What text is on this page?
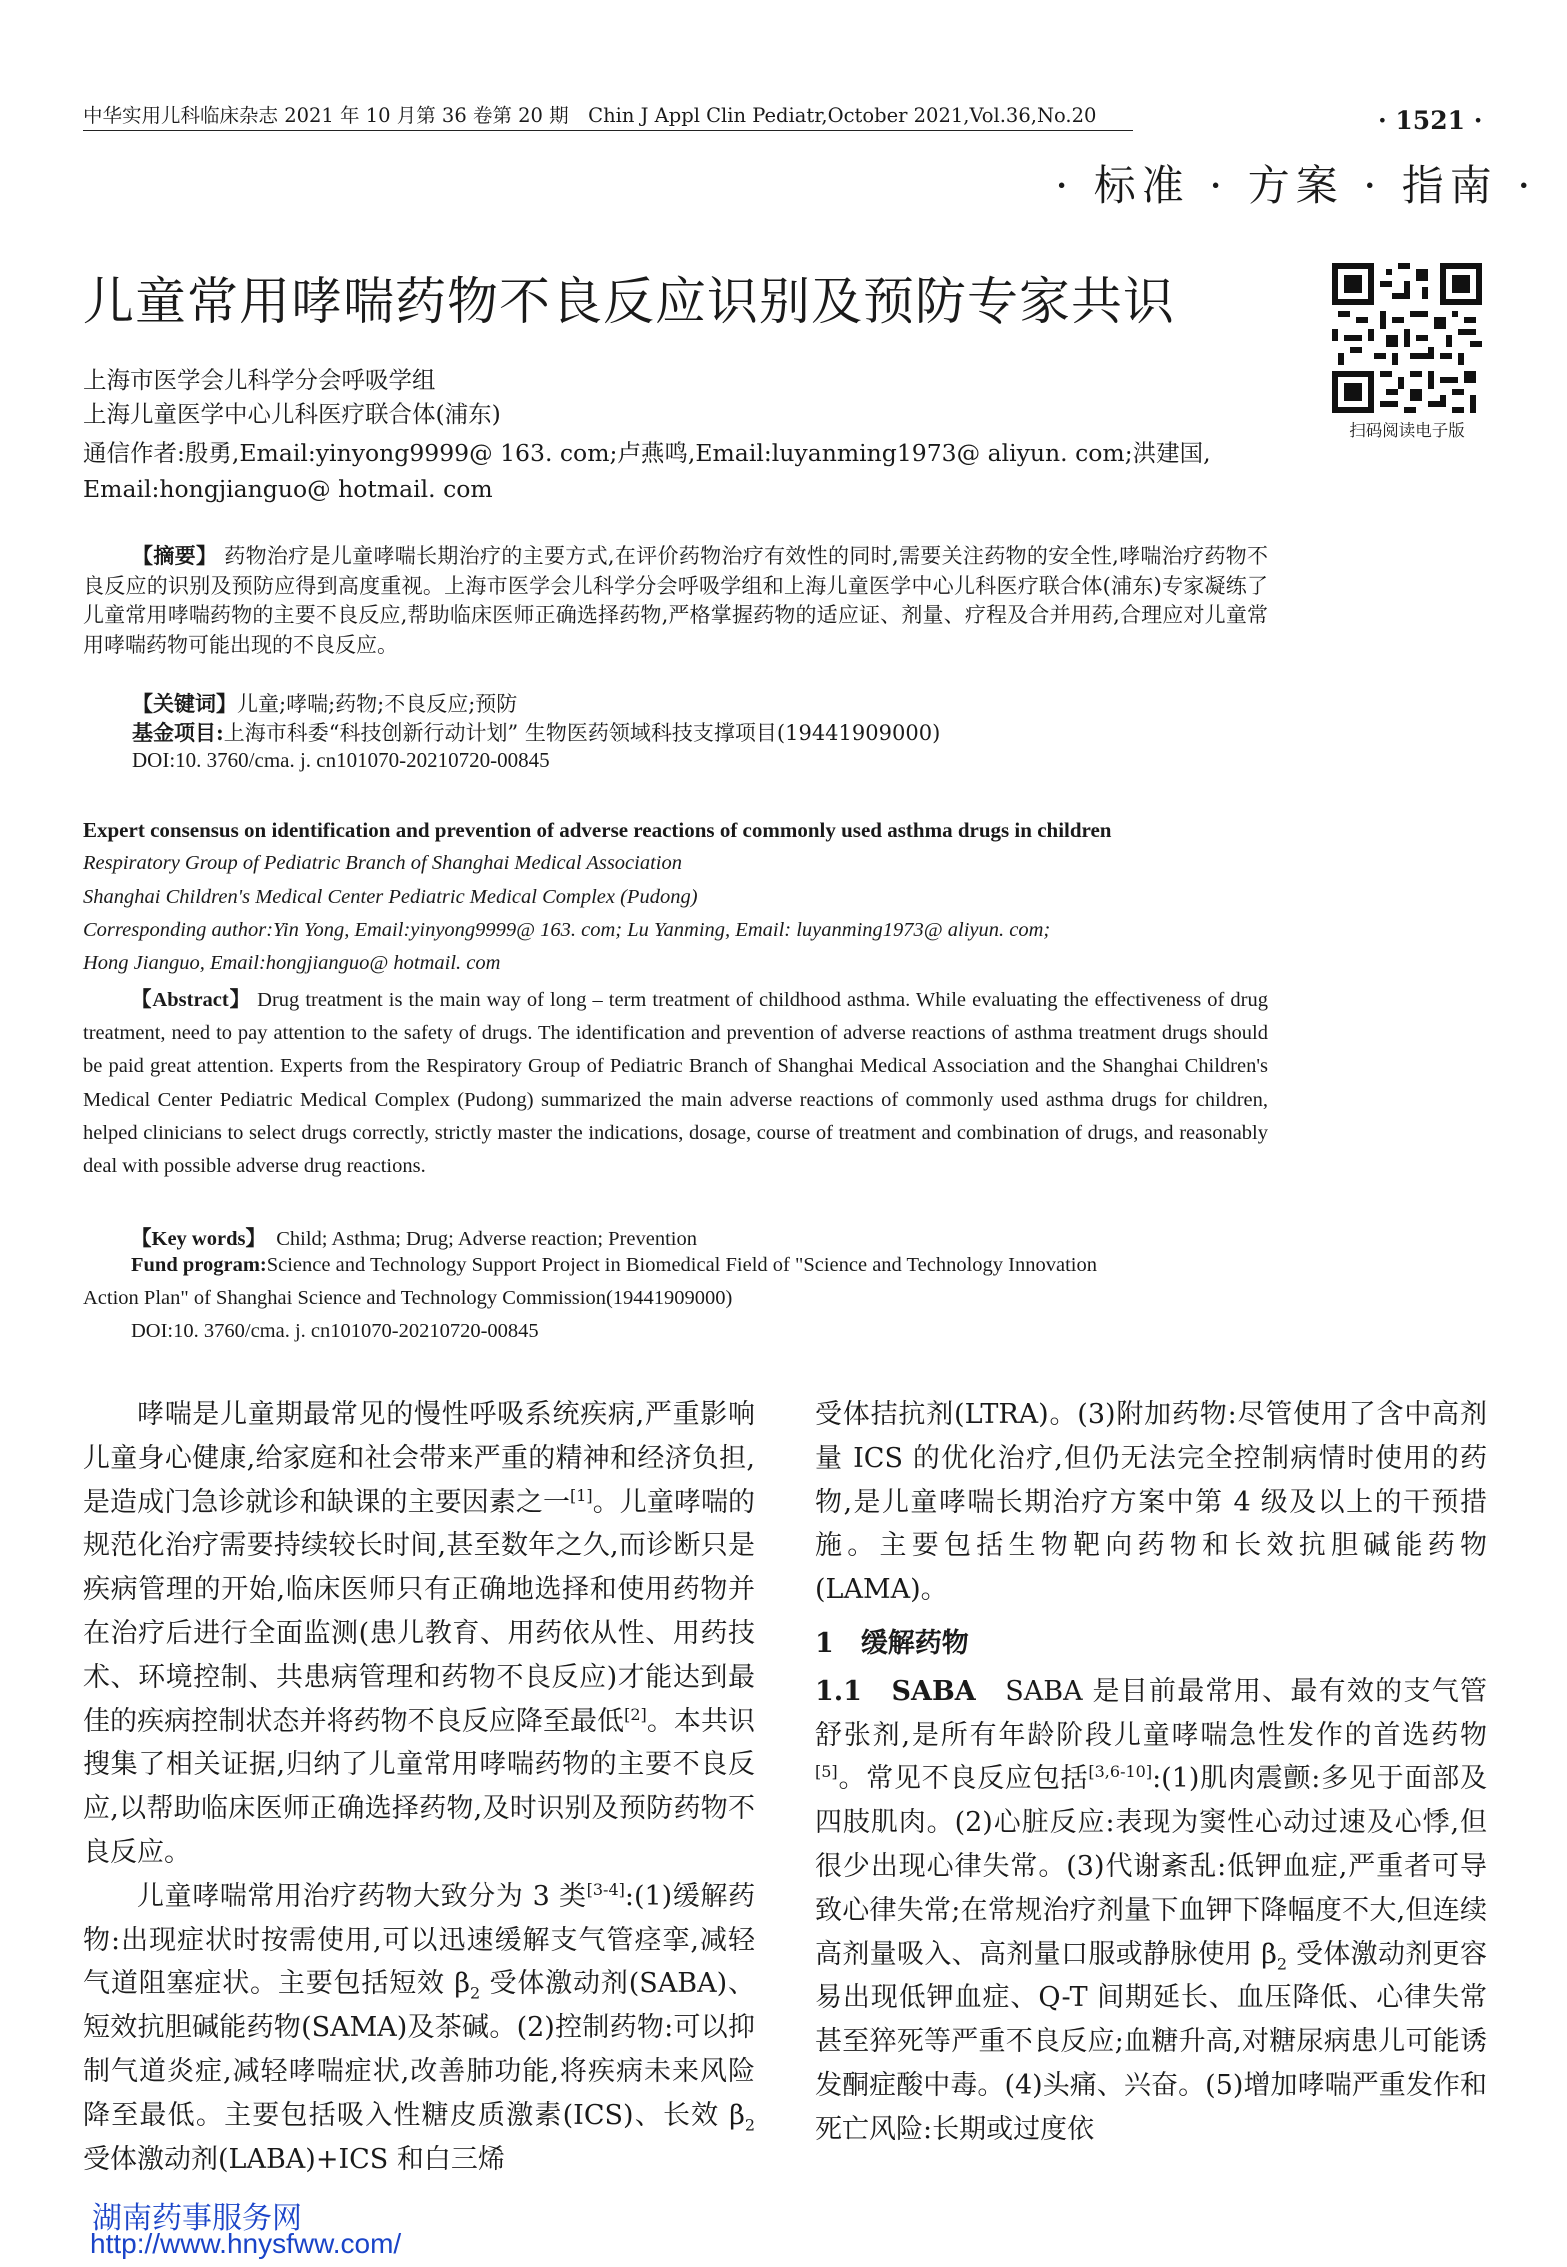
中华实用儿科临床杂志 2021 年 10 月第 36 卷第 20 期　Chin J Appl Clin Pediatr,October 2021,Vol.36,No.20	· 1521 ·
· 标准 · 方案 · 指南 ·
儿童常用哮喘药物不良反应识别及预防专家共识
扫码阅读电子版
上海市医学会儿科学分会呼吸学组
上海儿童医学中心儿科医疗联合体(浦东)
通信作者:殷勇,Email:yinyong9999@ 163. com;卢燕鸣,Email:luyanming1973@ aliyun. com;洪建国,
Email:hongjianguo@ hotmail. com
【摘要】 药物治疗是儿童哮喘长期治疗的主要方式,在评价药物治疗有效性的同时,需要关注药物的安全性,哮喘治疗药物不良反应的识别及预防应得到高度重视。上海市医学会儿科学分会呼吸学组和上海儿童医学中心儿科医疗联合体(浦东)专家凝练了儿童常用哮喘药物的主要不良反应,帮助临床医师正确选择药物,严格掌握药物的适应证、剂量、疗程及合并用药,合理应对儿童常用哮喘药物可能出现的不良反应。
【关键词】儿童;哮喘;药物;不良反应;预防
基金项目:上海市科委“科技创新行动计划” 生物医药领域科技支撑项目(19441909000)
DOI:10. 3760/cma. j. cn101070-20210720-00845
Expert consensus on identification and prevention of adverse reactions of commonly used asthma drugs in children
Respiratory Group of Pediatric Branch of Shanghai Medical Association
Shanghai Children's Medical Center Pediatric Medical Complex (Pudong)
Corresponding author:Yin Yong, Email:yinyong9999@ 163. com; Lu Yanming, Email: luyanming1973@ aliyun. com;
Hong Jianguo, Email:hongjianguo@ hotmail. com
【Abstract】 Drug treatment is the main way of long – term treatment of childhood asthma. While evaluating the effectiveness of drug treatment, need to pay attention to the safety of drugs. The identification and prevention of adverse reactions of asthma treatment drugs should be paid great attention. Experts from the Respiratory Group of Pediatric Branch of Shanghai Medical Association and the Shanghai Children's Medical Center Pediatric Medical Complex (Pudong) summarized the main adverse reactions of commonly used asthma drugs for children, helped clinicians to select drugs correctly, strictly master the indications, dosage, course of treatment and combination of drugs, and reasonably deal with possible adverse drug reactions.
【Key words】 Child; Asthma; Drug; Adverse reaction; Prevention
Fund program:Science and Technology Support Project in Biomedical Field of "Science and Technology Innovation
Action Plan" of Shanghai Science and Technology Commission(19441909000)
DOI:10. 3760/cma. j. cn101070-20210720-00845

哮喘是儿童期最常见的慢性呼吸系统疾病,严重影响儿童身心健康,给家庭和社会带来严重的精神和经济负担,是造成门急诊就诊和缺课的主要因素之一[1]。儿童哮喘的规范化治疗需要持续较长时间,甚至数年之久,而诊断只是疾病管理的开始,临床医师只有正确地选择和使用药物并在治疗后进行全面监测(患儿教育、用药依从性、用药技术、环境控制、共患病管理和药物不良反应)才能达到最佳的疾病控制状态并将药物不良反应降至最低[2]。本共识搜集了相关证据,归纳了儿童常用哮喘药物的主要不良反应,以帮助临床医师正确选择药物,及时识别及预防药物不良反应。

儿童哮喘常用治疗药物大致分为 3 类[3-4]:(1)缓解药物:出现症状时按需使用,可以迅速缓解支气管痉挛,减轻气道阻塞症状。主要包括短效 $\beta_2$ 受体激动剂(SABA)、短效抗胆碱能药物(SAMA)及茶碱。(2)控制药物:可以抑制气道炎症,减轻哮喘症状,改善肺功能,将疾病未来风险降至最低。主要包括吸入性糖皮质激素(ICS)、长效 $\beta_2$ 受体激动剂(LABA)+ICS 和白三烯

受体拮抗剂(LTRA)。(3)附加药物:尽管使用了含中高剂量 ICS 的优化治疗,但仍无法完全控制病情时使用的药物,是儿童哮喘长期治疗方案中第 4 级及以上的干预措施。主要包括生物靶向药物和长效抗胆碱能药物(LAMA)。

1　缓解药物

1.1　SABA　SABA 是目前最常用、最有效的支气管舒张剂,是所有年龄阶段儿童哮喘急性发作的首选药物[5]。常见不良反应包括[3,6-10]:(1)肌肉震颤:多见于面部及四肢肌肉。(2)心脏反应:表现为窦性心动过速及心悸,但很少出现心律失常。(3)代谢紊乱:低钾血症,严重者可导致心律失常;在常规治疗剂量下血钾下降幅度不大,但连续高剂量吸入、高剂量口服或静脉使用 $\beta_2$ 受体激动剂更容易出现低钾血症、Q-T 间期延长、血压降低、心律失常甚至猝死等严重不良反应;血糖升高,对糖尿病患儿可能诱发酮症酸中毒。(4)头痛、兴奋。(5)增加哮喘严重发作和死亡风险:长期或过度依

湖南药事服务网
http://www.hnysfww.com/
